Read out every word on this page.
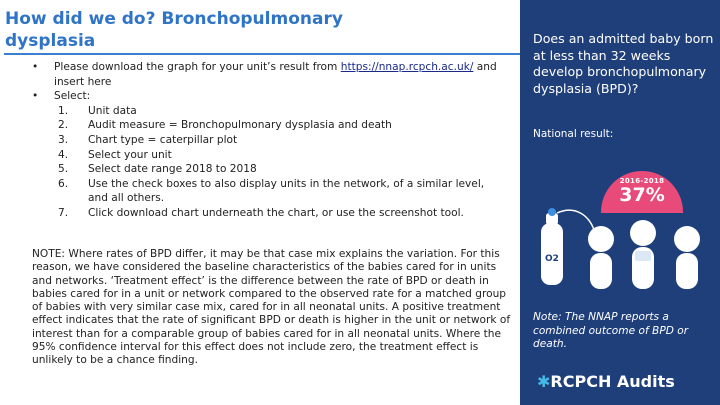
How did we do? Bronchopulmonary dysplasia
• Please download the graph for your unit’s result from https://nnap.rcpch.ac.uk/ and insert here
• Select:
1. Unit data
2. Audit measure = Bronchopulmonary dysplasia and death
3. Chart type = caterpillar plot
4. Select your unit
5. Select date range 2018 to 2018
6. Use the check boxes to also display units in the network, of a similar level, and all others.
7. Click download chart underneath the chart, or use the screenshot tool.

NOTE: Where rates of BPD differ, it may be that case mix explains the variation. For this reason, we have considered the baseline characteristics of the babies cared for in units and networks. ‘Treatment effect’ is the difference between the rate of BPD or death in babies cared for in a unit or network compared to the observed rate for a matched group of babies with very similar case mix, cared for in all neonatal units. A positive treatment effect indicates that the rate of significant BPD or death is higher in the unit or network of interest than for a comparable group of babies cared for in all neonatal units. Where the 95% confidence interval for this effect does not include zero, the treatment effect is unlikely to be a chance finding.

Does an admitted baby born at less than 32 weeks develop bronchopulmonary dysplasia (BPD)?

National result:

2016-2018
37%
O2

Note: The NNAP reports a combined outcome of BPD or death.

✱RCPCH Audits
